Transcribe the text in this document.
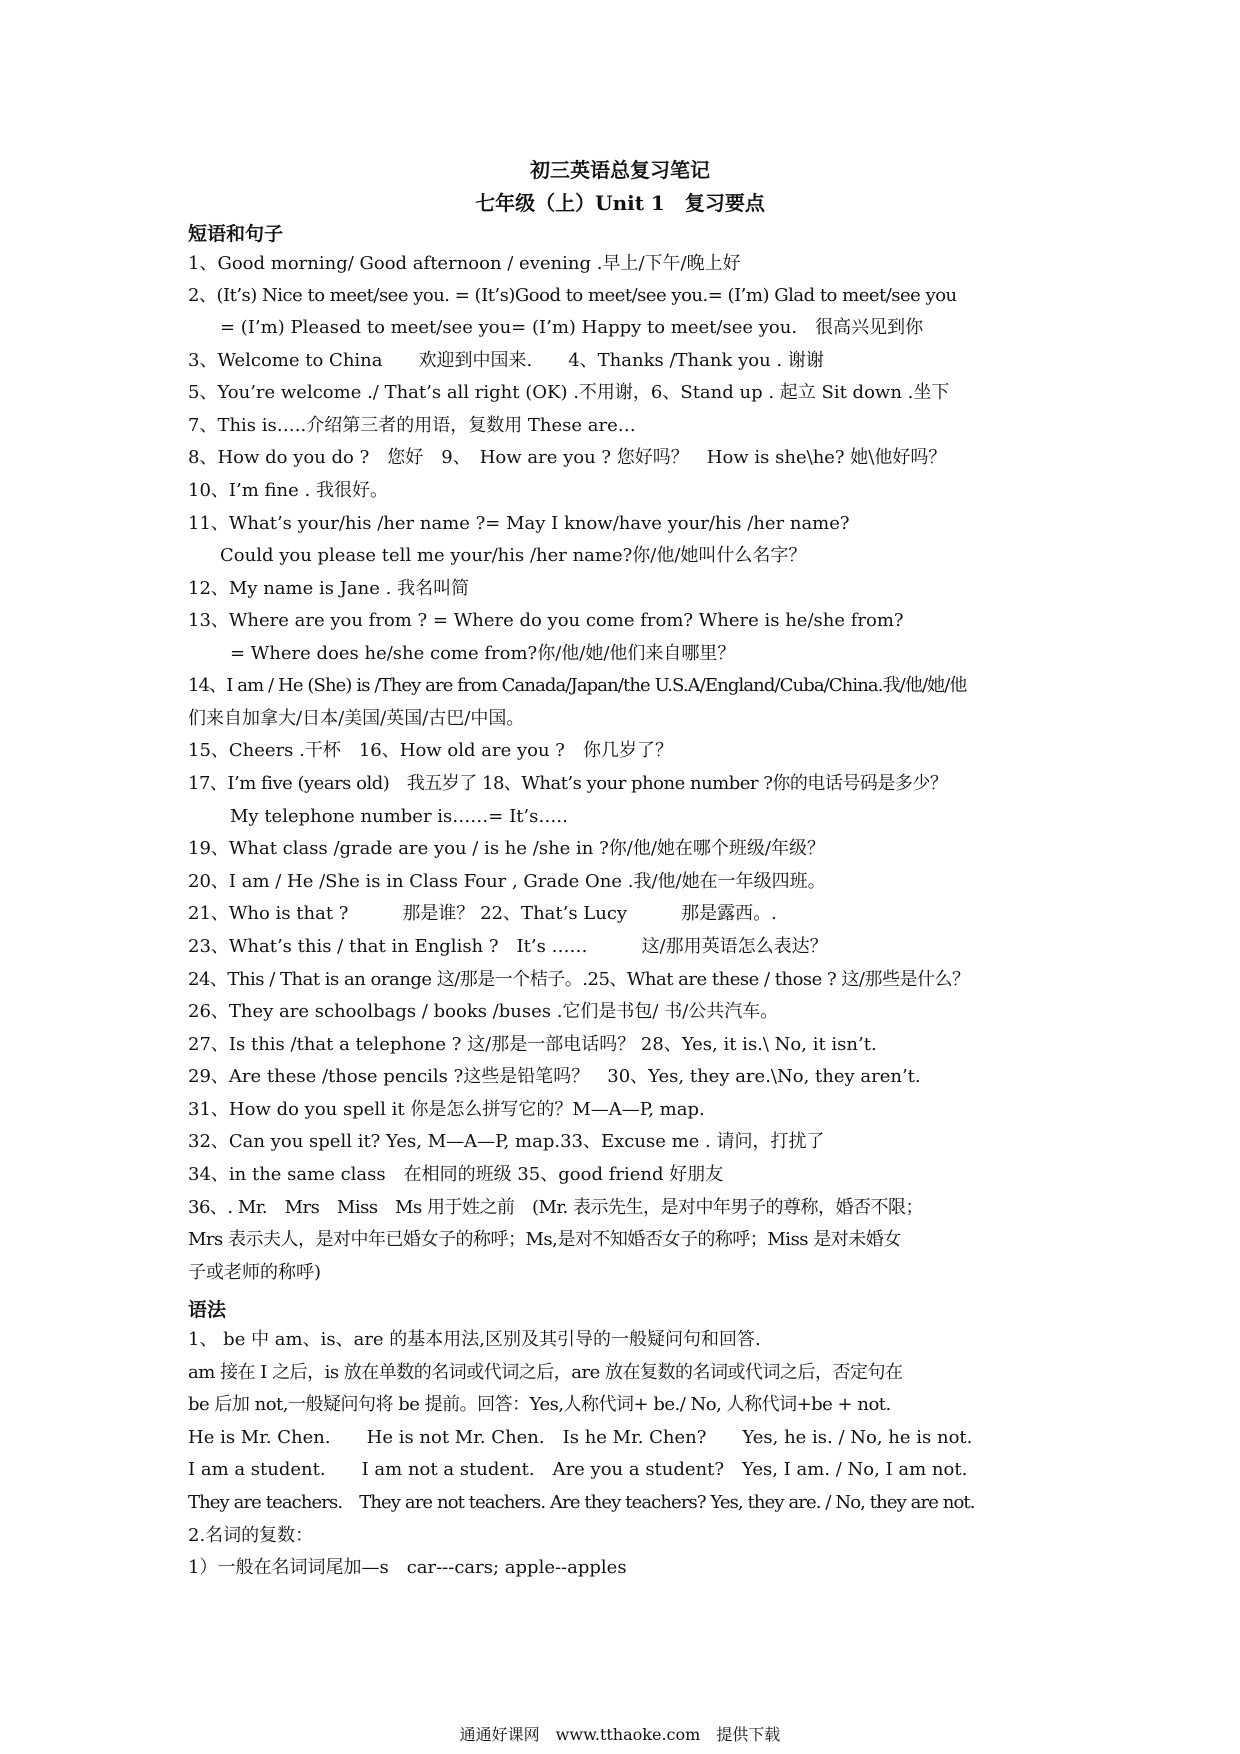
初三英语总复习笔记
七年级（上）Unit 1　复习要点
短语和句子
1、Good morning/ Good afternoon / evening .早上/下午/晚上好
2、(It’s) Nice to meet/see you. = (It’s)Good to meet/see you.= (I’m) Glad to meet/see you
= (I’m) Pleased to meet/see you= (I’m) Happy to meet/see you.　很高兴见到你
3、Welcome to China　　欢迎到中国来.　　4、Thanks /Thank you . 谢谢
5、You’re welcome ./ That’s all right (OK) .不用谢，6、Stand up . 起立 Sit down .坐下
7、This is…..介绍第三者的用语，复数用 These are…
8、How do you do ?　您好　9、　How are you ? 您好吗？　How is she\he? 她\他好吗？
10、I’m fine . 我很好。
11、What’s your/his /her name ?= May I know/have your/his /her name?
Could you please tell me your/his /her name?你/他/她叫什么名字？
12、My name is Jane . 我名叫简
13、Where are you from ? = Where do you come from? Where is he/she from?
= Where does he/she come from?你/他/她/他们来自哪里？
14、I am / He (She) is /They are from Canada/Japan/the U.S.A/England/Cuba/China.我/他/她/他
们来自加拿大/日本/美国/英国/古巴/中国。
15、Cheers .干杯　16、How old are you ?　你几岁了？
17、I’m five (years old)　我五岁了 18、What’s your phone number ?你的电话号码是多少？
My telephone number is……= It’s…..
19、What class /grade are you / is he /she in ?你/他/她在哪个班级/年级？
20、I am / He /She is in Class Four , Grade One .我/他/她在一年级四班。
21、Who is that ?　　　那是谁？ 22、That’s Lucy　　　那是露西。.
23、What’s this / that in English ?　It’s ……　　　这/那用英语怎么表达？
24、This / That is an orange 这/那是一个桔子。.25、What are these / those ? 这/那些是什么？
26、They are schoolbags / books /buses .它们是书包/ 书/公共汽车。
27、Is this /that a telephone ? 这/那是一部电话吗？ 28、Yes, it is.\ No, it isn’t.
29、Are these /those pencils ?这些是铅笔吗？　30、Yes, they are.\No, they aren’t.
31、How do you spell it 你是怎么拼写它的？M—A—P, map.
32、Can you spell it? Yes, M—A—P, map.33、Excuse me . 请问，打扰了
34、in the same class　在相同的班级 35、good friend 好朋友
36、. Mr.　Mrs　Miss　Ms 用于姓之前　(Mr. 表示先生，是对中年男子的尊称，婚否不限；
Mrs 表示夫人，是对中年已婚女子的称呼；Ms,是对不知婚否女子的称呼；Miss 是对未婚女
子或老师的称呼)
语法
1、 be 中 am、is、are 的基本用法,区别及其引导的一般疑问句和回答.
am 接在 I 之后，is 放在单数的名词或代词之后，are 放在复数的名词或代词之后，否定句在
be 后加 not,一般疑问句将 be 提前。回答：Yes,人称代词+ be./ No, 人称代词+be + not.
He is Mr. Chen.　　He is not Mr. Chen.　Is he Mr. Chen?　　Yes, he is. / No, he is not.
I am a student.　　I am not a student.　Are you a student?　Yes, I am. / No, I am not.
They are teachers.　They are not teachers. Are they teachers? Yes, they are. / No, they are not.
2.名词的复数：
1）一般在名词词尾加—s　car---cars; apple--apples
通通好课网　www.tthaoke.com　提供下载
